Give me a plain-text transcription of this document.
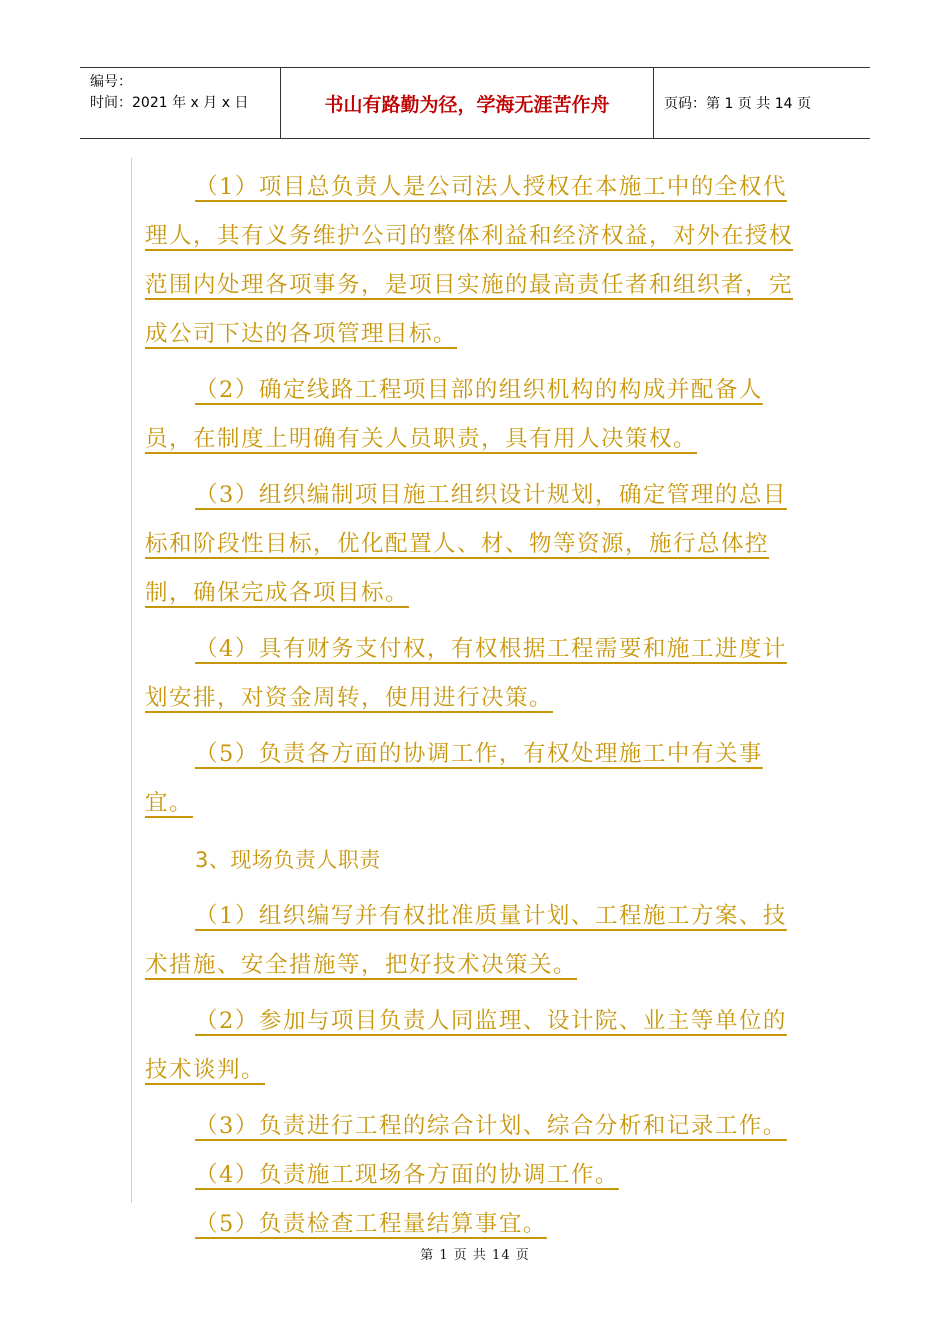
编号：
时间：2021 年 x 月 x 日	书山有路勤为径，学海无涯苦作舟	页码：第 1 页 共 14 页

（1）项目总负责人是公司法人授权在本施工中的全权代理人，其有义务维护公司的整体利益和经济权益，对外在授权范围内处理各项事务，是项目实施的最高责任者和组织者，完成公司下达的各项管理目标。

（2）确定线路工程项目部的组织机构的构成并配备人员，在制度上明确有关人员职责，具有用人决策权。

（3）组织编制项目施工组织设计规划，确定管理的总目标和阶段性目标，优化配置人、材、物等资源，施行总体控制，确保完成各项目标。

（4）具有财务支付权，有权根据工程需要和施工进度计划安排，对资金周转，使用进行决策。

（5）负责各方面的协调工作，有权处理施工中有关事宜。

3、现场负责人职责

（1）组织编写并有权批准质量计划、工程施工方案、技术措施、安全措施等，把好技术决策关。

（2）参加与项目负责人同监理、设计院、业主等单位的技术谈判。

（3）负责进行工程的综合计划、综合分析和记录工作。

（4）负责施工现场各方面的协调工作。

（5）负责检查工程量结算事宜。

第 1 页 共 14 页
